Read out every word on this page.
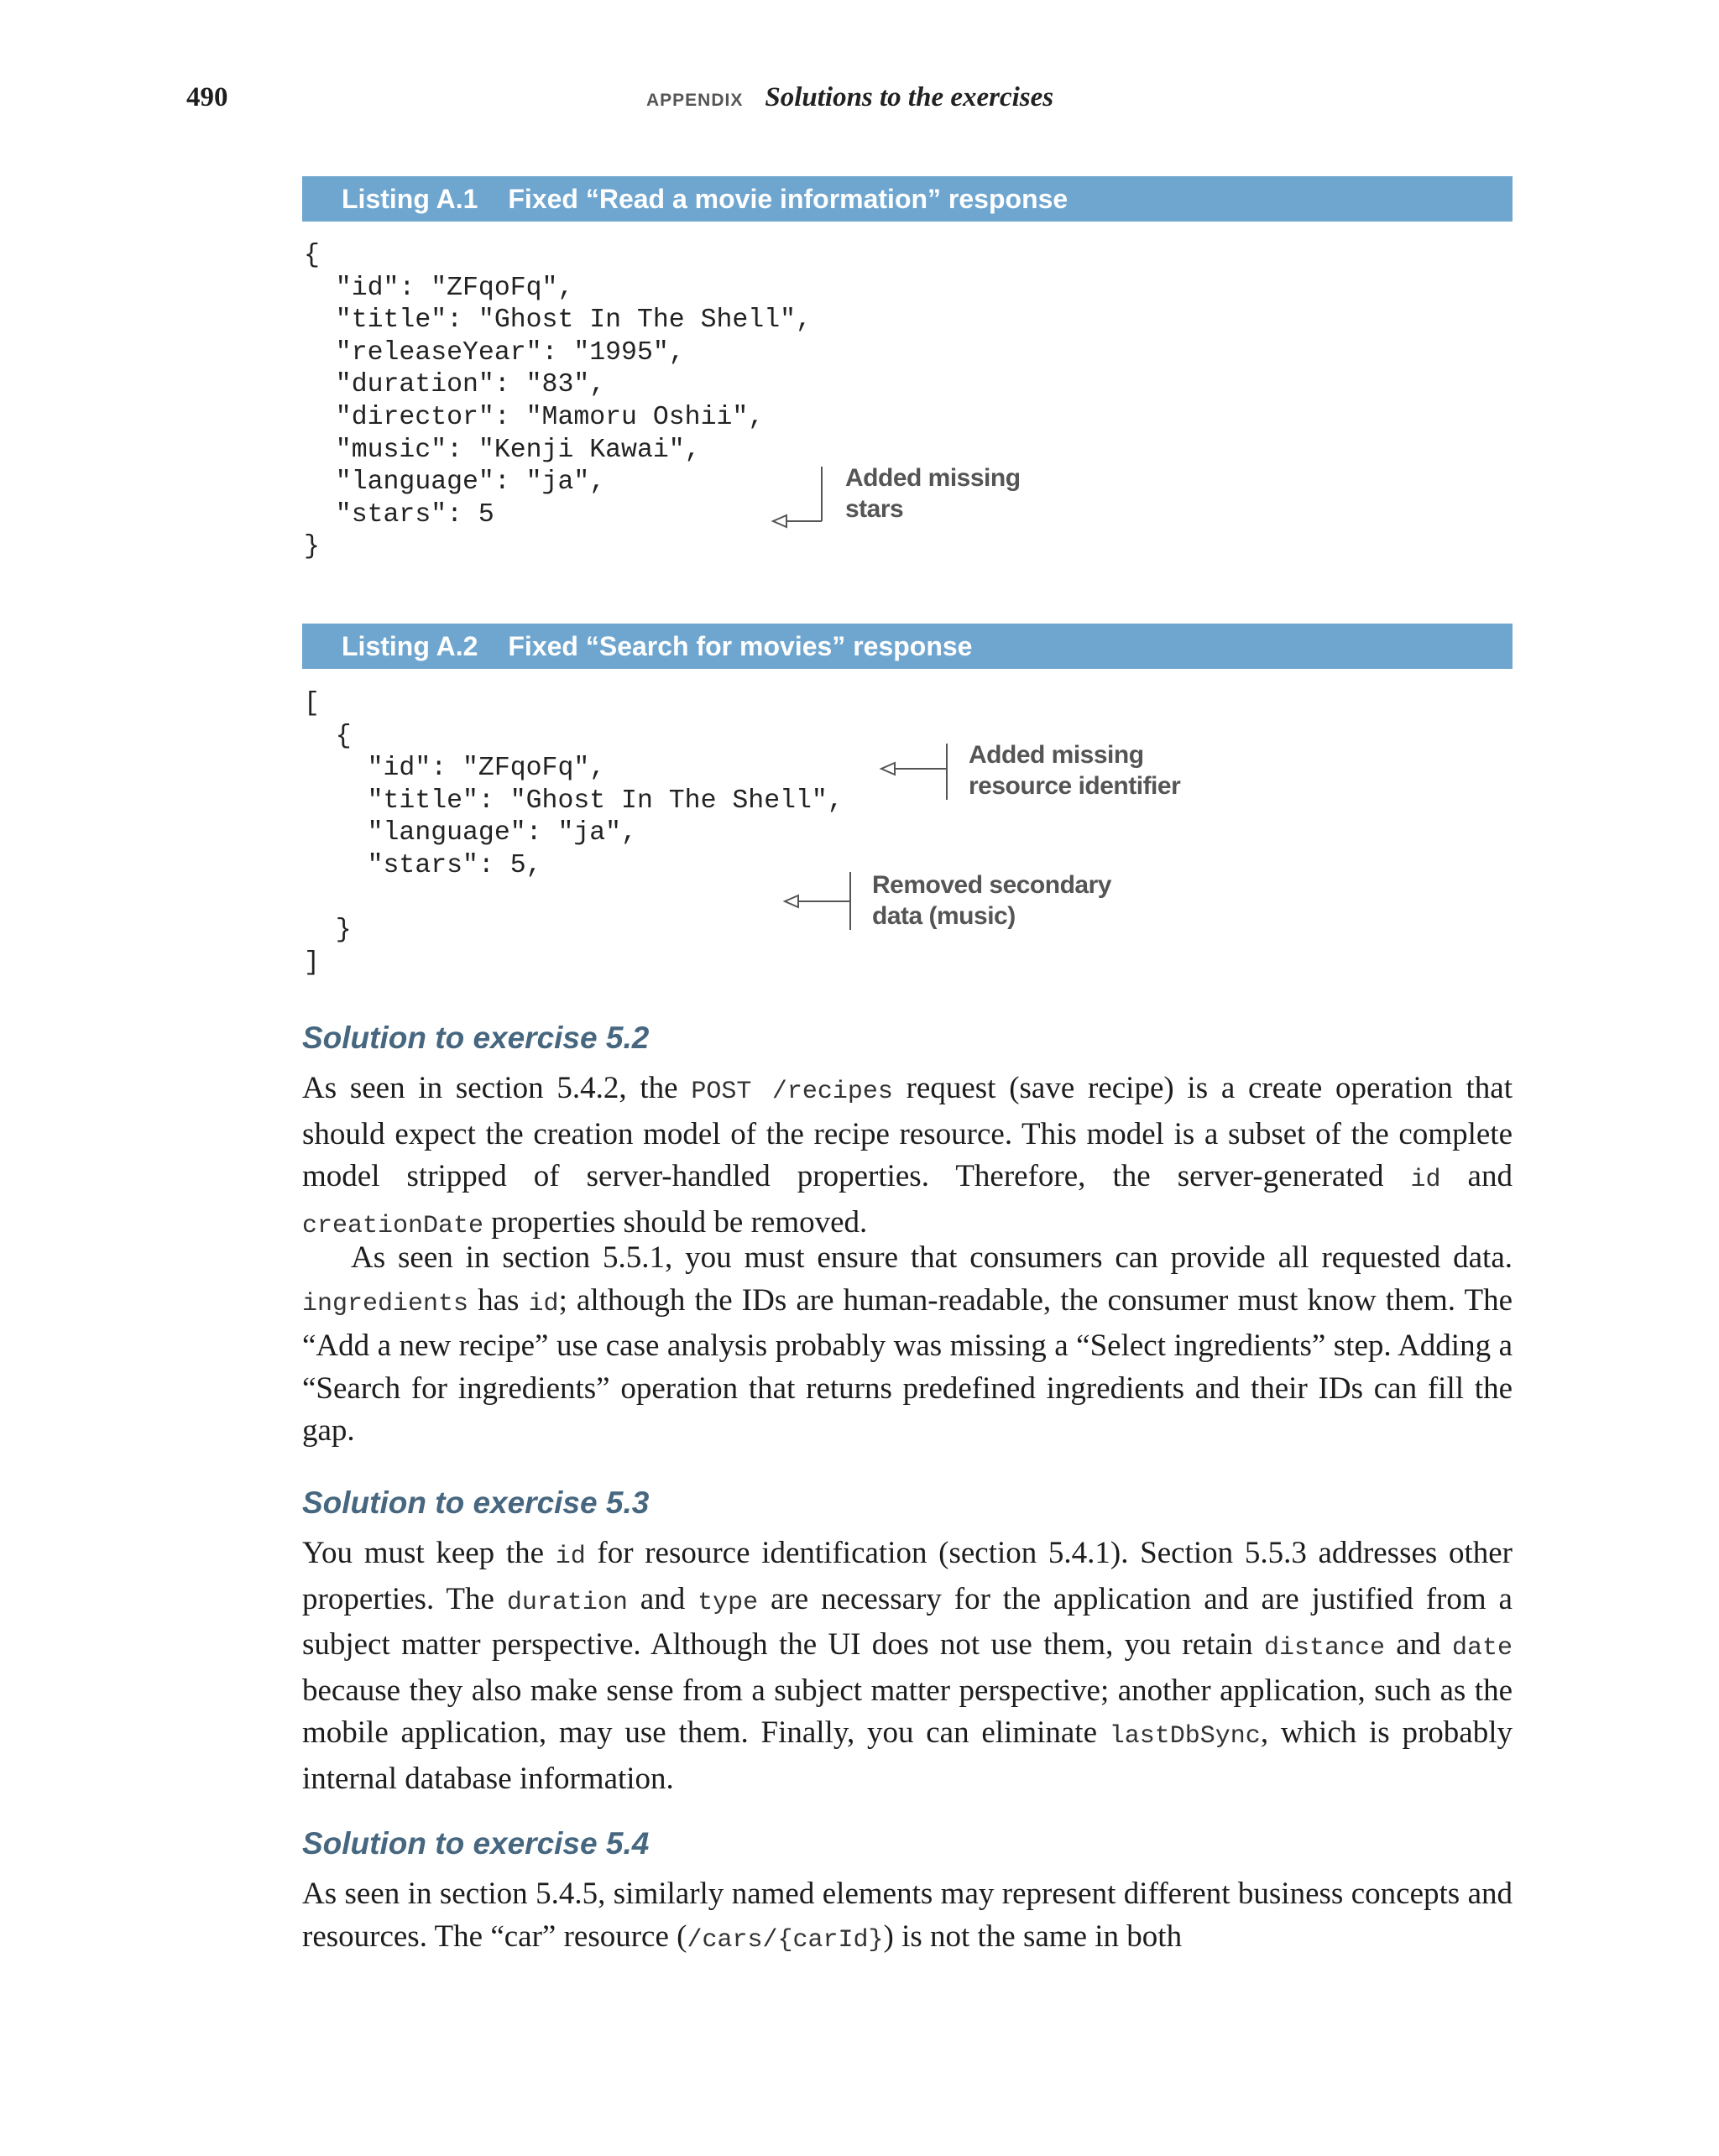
490	APPENDIX Solutions to the exercises
Listing A.1 Fixed “Read a movie information” response
{
"id": "ZFqoFq",
"title": "Ghost In The Shell",
"releaseYear": "1995",
"duration": "83",
"director": "Mamoru Oshii",
"music": "Kenji Kawai",
"language": "ja",
"stars": 5
}
Added missing
stars
Listing A.2 Fixed “Search for movies” response
[
{
"id": "ZFqoFq",
"title": "Ghost In The Shell",
"language": "ja",
"stars": 5,

}
]
Added missing
resource identifier
Removed secondary
data (music)
Solution to exercise 5.2

As seen in section 5.4.2, the POST /recipes request (save recipe) is a create operation that should expect the creation model of the recipe resource. This model is a subset of the complete model stripped of server-handled properties. Therefore, the server-generated id and creationDate properties should be removed.

As seen in section 5.5.1, you must ensure that consumers can provide all requested data. ingredients has id; although the IDs are human-readable, the consumer must know them. The “Add a new recipe” use case analysis probably was missing a “Select ingredients” step. Adding a “Search for ingredients” operation that returns predefined ingredients and their IDs can fill the gap.

Solution to exercise 5.3

You must keep the id for resource identification (section 5.4.1). Section 5.5.3 addresses other properties. The duration and type are necessary for the application and are justified from a subject matter perspective. Although the UI does not use them, you retain distance and date because they also make sense from a subject matter perspective; another application, such as the mobile application, may use them. Finally, you can eliminate lastDbSync, which is probably internal database information.

Solution to exercise 5.4

As seen in section 5.4.5, similarly named elements may represent different business concepts and resources. The “car” resource (/cars/{carId}) is not the same in both
